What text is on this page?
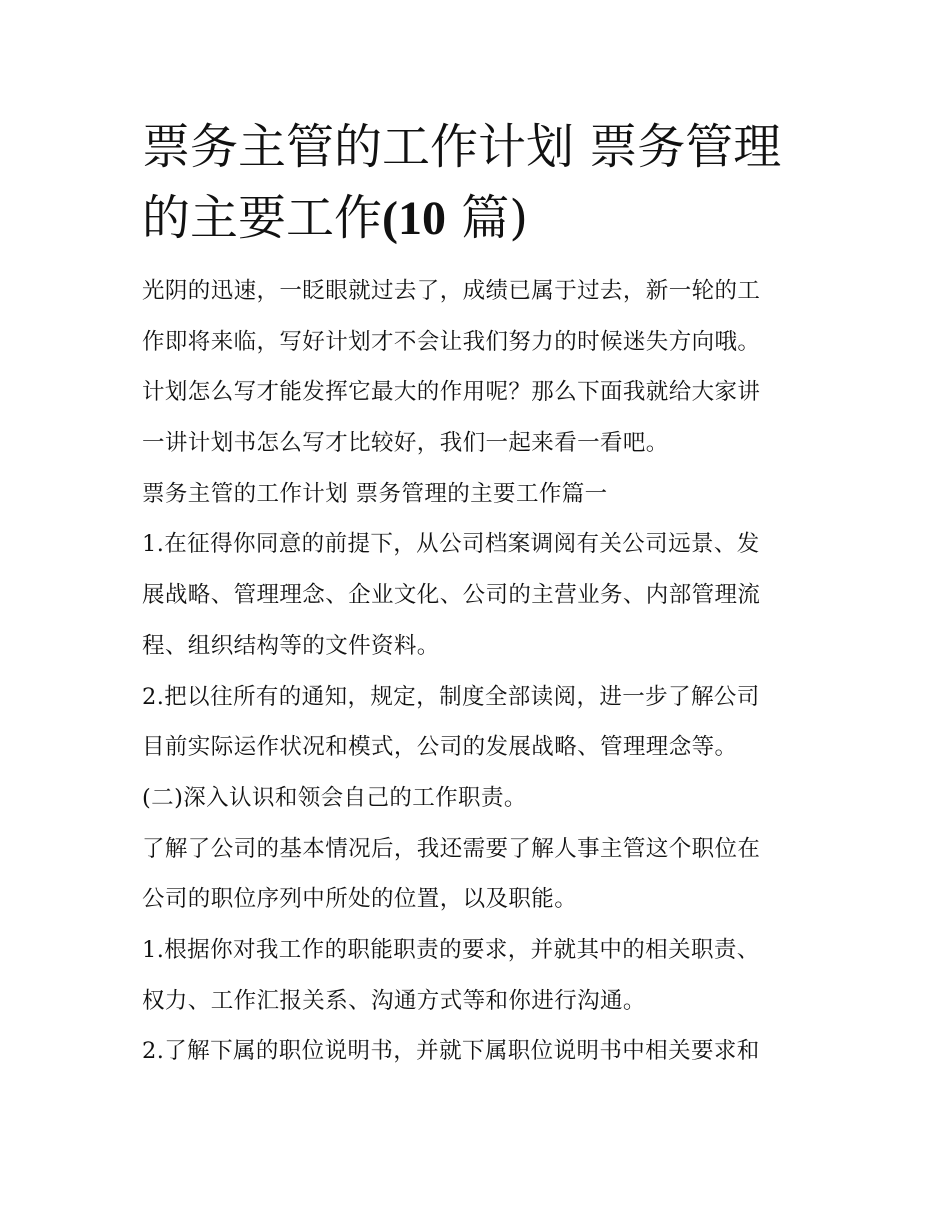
票务主管的工作计划 票务管理
的主要工作(10 篇)
光阴的迅速，一眨眼就过去了，成绩已属于过去，新一轮的工
作即将来临，写好计划才不会让我们努力的时候迷失方向哦。
计划怎么写才能发挥它最大的作用呢？那么下面我就给大家讲
一讲计划书怎么写才比较好，我们一起来看一看吧。
票务主管的工作计划 票务管理的主要工作篇一
1.在征得你同意的前提下，从公司档案调阅有关公司远景、发
展战略、管理理念、企业文化、公司的主营业务、内部管理流
程、组织结构等的文件资料。
2.把以往所有的通知，规定，制度全部读阅，进一步了解公司
目前实际运作状况和模式，公司的发展战略、管理理念等。
(二)深入认识和领会自己的工作职责。
了解了公司的基本情况后，我还需要了解人事主管这个职位在
公司的职位序列中所处的位置，以及职能。
1.根据你对我工作的职能职责的要求，并就其中的相关职责、
权力、工作汇报关系、沟通方式等和你进行沟通。
2.了解下属的职位说明书，并就下属职位说明书中相关要求和
